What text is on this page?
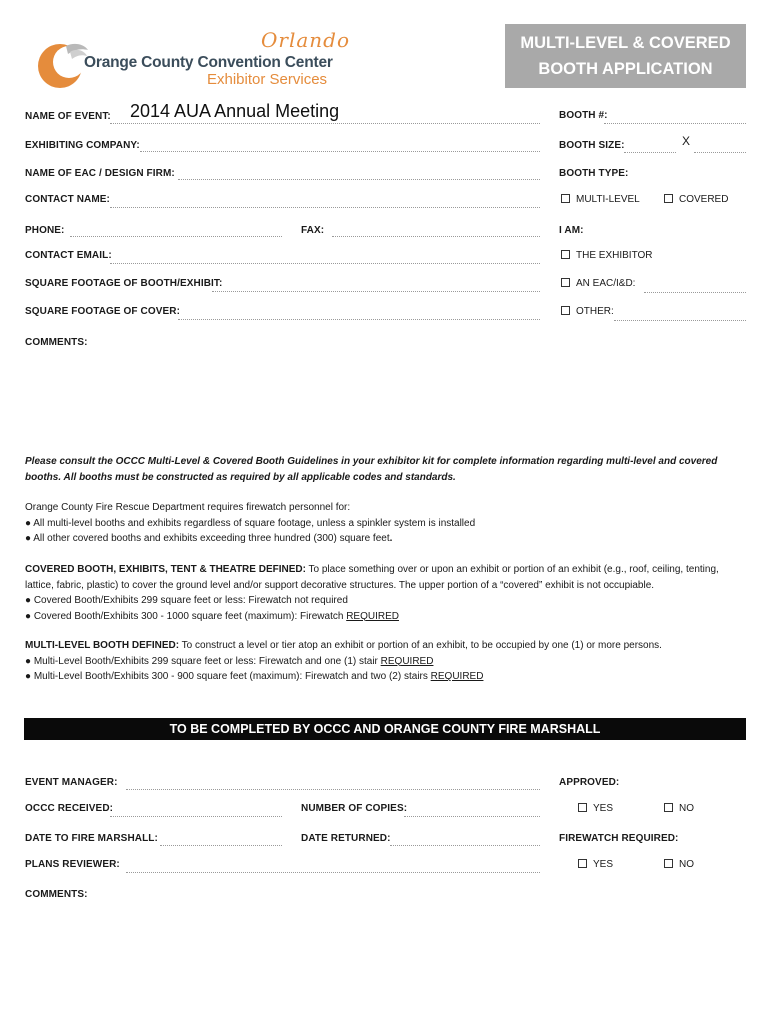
Orlando
Orange County Convention Center
Exhibitor Services
MULTI-LEVEL & COVERED
BOOTH APPLICATION
NAME OF EVENT: 2014 AUA Annual Meeting
EXHIBITING COMPANY:
NAME OF EAC / DESIGN FIRM:
CONTACT NAME:
PHONE:	FAX:
CONTACT EMAIL:
SQUARE FOOTAGE OF BOOTH/EXHIBIT:
SQUARE FOOTAGE OF COVER:
COMMENTS:
BOOTH #:
BOOTH SIZE:	X
BOOTH TYPE:
MULTI-LEVEL	COVERED
I AM:
THE EXHIBITOR
AN EAC/I&D:
OTHER:
Please consult the OCCC Multi-Level & Covered Booth Guidelines in your exhibitor kit for complete information regarding multi-level and covered booths. All booths must be constructed as required by all applicable codes and standards.
Orange County Fire Rescue Department requires firewatch personnel for:
● All multi-level booths and exhibits regardless of square footage, unless a spinkler system is installed
● All other covered booths and exhibits exceeding three hundred (300) square feet.
COVERED BOOTH, EXHIBITS, TENT & THEATRE DEFINED: To place something over or upon an exhibit or portion of an exhibit (e.g., roof, ceiling, tenting, lattice, fabric, plastic) to cover the ground level and/or support decorative structures. The upper portion of a “covered” exhibit is not occupiable.
● Covered Booth/Exhibits 299 square feet or less: Firewatch not required
● Covered Booth/Exhibits 300 - 1000 square feet (maximum): Firewatch REQUIRED
MULTI-LEVEL BOOTH DEFINED: To construct a level or tier atop an exhibit or portion of an exhibit, to be occupied by one (1) or more persons.
● Multi-Level Booth/Exhibits 299 square feet or less: Firewatch and one (1) stair REQUIRED
● Multi-Level Booth/Exhibits 300 - 900 square feet (maximum): Firewatch and two (2) stairs REQUIRED
TO BE COMPLETED BY OCCC AND ORANGE COUNTY FIRE MARSHALL
EVENT MANAGER:	APPROVED:
OCCC RECEIVED:	NUMBER OF COPIES:	YES	NO
DATE TO FIRE MARSHALL:	DATE RETURNED:	FIREWATCH REQUIRED:
PLANS REVIEWER:	YES	NO
COMMENTS:
